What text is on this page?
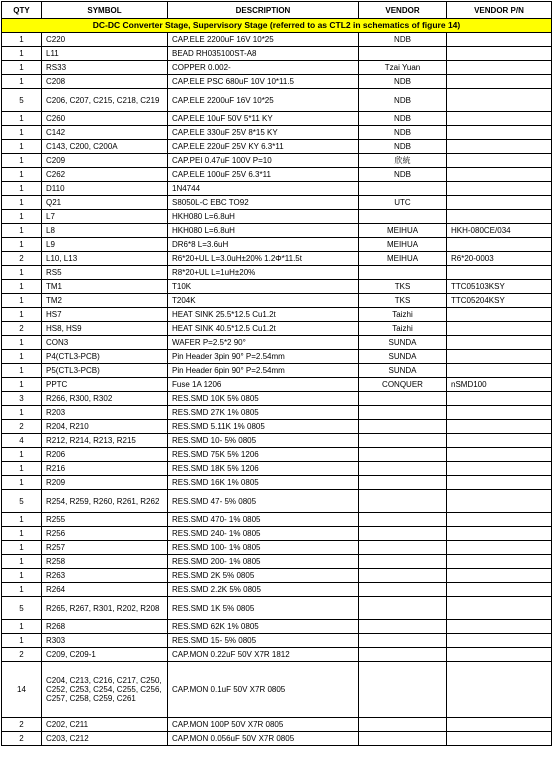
QTY	SYMBOL	DESCRIPTION	VENDOR	VENDOR P/N
DC-DC Converter Stage, Supervisory Stage (referred to as CTL2 in schematics of figure 14)				
1	C220	CAP.ELE 2200uF 16V 10*25	NDB	
1	L11	BEAD RH035100ST-A8		
1	RS33	COPPER 0.002-	Tzai Yuan	
1	C208	CAP.ELE PSC 680uF 10V 10*11.5	NDB	
5	C206, C207, C215, C218, C219	CAP.ELE 2200uF 16V 10*25	NDB	
1	C260	CAP.ELE 10uF 50V 5*11 KY	NDB	
1	C142	CAP.ELE 330uF 25V 8*15 KY	NDB	
1	C143, C200, C200A	CAP.ELE 220uF 25V KY 6.3*11	NDB	
1	C209	CAP.PEI 0.47uF 100V P=10	欣統	
1	C262	CAP.ELE 100uF 25V 6.3*11	NDB	
1	D110	1N4744		
1	Q21	S8050L-C EBC TO92	UTC	
1	L7	HKH080 L=6.8uH		
1	L8	HKH080 L=6.8uH	MEIHUA	HKH-080CE/034
1	L9	DR6*8 L=3.6uH	MEIHUA	
2	L10, L13	R6*20+UL L=3.0uH±20% 1.2Φ*11.5t	MEIHUA	R6*20-0003
1	RS5	R8*20+UL L=1uH±20%		
1	TM1	T10K	TKS	TTC05103KSY
1	TM2	T204K	TKS	TTC05204KSY
1	HS7	HEAT SINK 25.5*12.5 Cu1.2t	Taizhi	
2	HS8, HS9	HEAT SINK 40.5*12.5 Cu1.2t	Taizhi	
1	CON3	WAFER P=2.5*2 90°	SUNDA	
1	P4(CTL3-PCB)	Pin Header 3pin 90° P=2.54mm	SUNDA	
1	P5(CTL3-PCB)	Pin Header 6pin 90° P=2.54mm	SUNDA	
1	PPTC	Fuse 1A 1206	CONQUER	nSMD100
3	R266, R300, R302	RES.SMD 10K 5% 0805		
1	R203	RES.SMD 27K 1% 0805		
2	R204, R210	RES.SMD 5.11K 1% 0805		
4	R212, R214, R213, R215	RES.SMD 10- 5% 0805		
1	R206	RES.SMD 75K 5% 1206		
1	R216	RES.SMD 18K 5% 1206		
1	R209	RES.SMD 16K 1% 0805		
5	R254, R259, R260, R261, R262	RES.SMD 47- 5% 0805		
1	R255	RES.SMD 470- 1% 0805		
1	R256	RES.SMD 240- 1% 0805		
1	R257	RES.SMD 100- 1% 0805		
1	R258	RES.SMD 200- 1% 0805		
1	R263	RES.SMD 2K 5% 0805		
1	R264	RES.SMD 2.2K 5% 0805		
5	R265, R267, R301, R202, R208	RES.SMD 1K 5% 0805		
1	R268	RES.SMD 62K 1% 0805		
1	R303	RES.SMD 15- 5% 0805		
2	C209, C209-1	CAP.MON 0.22uF 50V X7R 1812		
14	C204, C213, C216, C217, C250, C252, C253, C254, C255, C256, C257, C258, C259, C261	CAP.MON 0.1uF 50V X7R 0805		
2	C202, C211	CAP.MON 100P 50V X7R 0805		
2	C203, C212	CAP.MON 0.056uF 50V X7R 0805		
